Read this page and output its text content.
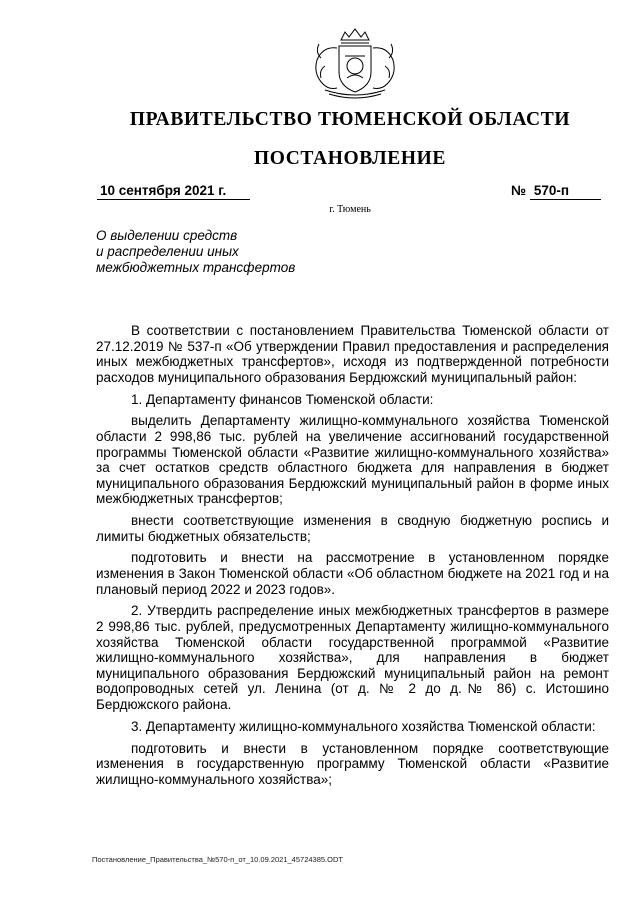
ПРАВИТЕЛЬСТВО ТЮМЕНСКОЙ ОБЛАСТИ
ПОСТАНОВЛЕНИЕ
10 сентября 2021 г.	№ 570-п
г. Тюмень
О выделении средств
и распределении иных
межбюджетных трансфертов

В соответствии с постановлением Правительства Тюменской области от 27.12.2019 № 537-п «Об утверждении Правил предоставления и распределения иных межбюджетных трансфертов», исходя из подтвержденной потребности расходов муниципального образования Бердюжский муниципальный район:

1. Департаменту финансов Тюменской области:

выделить Департаменту жилищно-коммунального хозяйства Тюменской области 2 998,86 тыс. рублей на увеличение ассигнований государственной программы Тюменской области «Развитие жилищно-коммунального хозяйства» за счет остатков средств областного бюджета для направления в бюджет муниципального образования Бердюжский муниципальный район в форме иных межбюджетных трансфертов;

внести соответствующие изменения в сводную бюджетную роспись и лимиты бюджетных обязательств;

подготовить и внести на рассмотрение в установленном порядке изменения в Закон Тюменской области «Об областном бюджете на 2021 год и на плановый период 2022 и 2023 годов».

2. Утвердить распределение иных межбюджетных трансфертов в размере 2 998,86 тыс. рублей, предусмотренных Департаменту жилищно-коммунального хозяйства Тюменской области государственной программой «Развитие жилищно-коммунального хозяйства», для направления в бюджет муниципального образования Бердюжский муниципальный район на ремонт водопроводных сетей ул. Ленина (от д. № 2 до д.№ 86) с. Истошино Бердюжского района.

3. Департаменту жилищно-коммунального хозяйства Тюменской области:

подготовить и внести в установленном порядке соответствующие изменения в государственную программу Тюменской области «Развитие жилищно-коммунального хозяйства»;

Постановление_Правительства_№570-п_от_10.09.2021_45724385.ODT
